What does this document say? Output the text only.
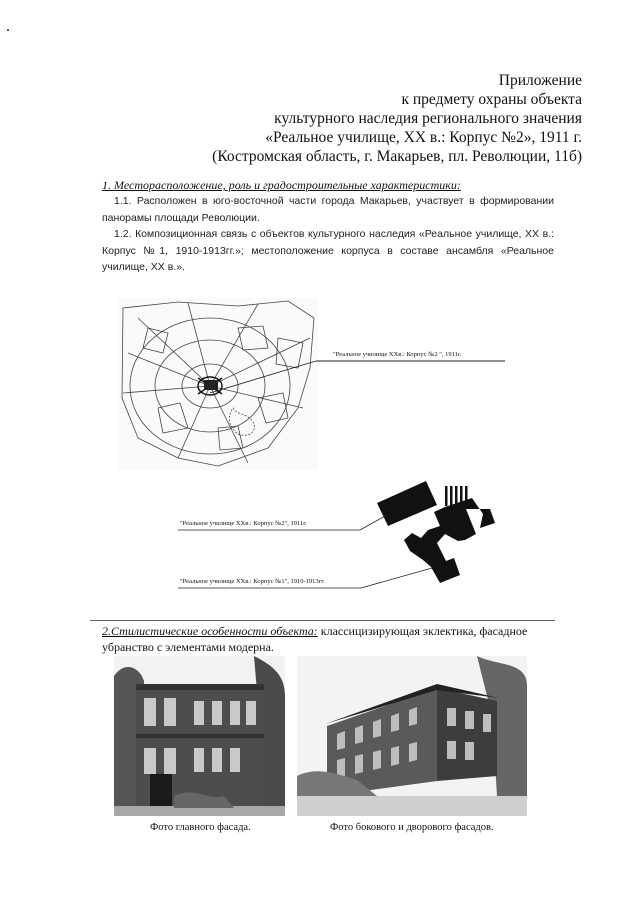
Приложение
к предмету охраны объекта
культурного наследия регионального значения
«Реальное училище, XX в.: Корпус №2», 1911 г.
(Костромская область, г. Макарьев, пл. Революции, 11б)
1. Месторасположение, роль и градостроительные характеристики:
1.1. Расположен в юго-восточной части города Макарьев, участвует в формировании панорамы площади Революции.
1.2. Композиционная связь с объектов культурного наследия «Реальное училище, XX в.: Корпус №1, 1910-1913гг.»; местоположение корпуса в составе ансамбля «Реальное училище, XX в.».
"Реальное училище XXв.: Корпус №2 ", 1911г.
"Реальное училище XXв.: Корпус №2", 1911г.
"Реальное училище XXв.: Корпус №1", 1910-1913гг.
2.Стилистические особенности объекта: классицизирующая эклектика, фасадное
убранство с элементами модерна.
Фото главного фасада.	Фото бокового и дворового фасадов.
